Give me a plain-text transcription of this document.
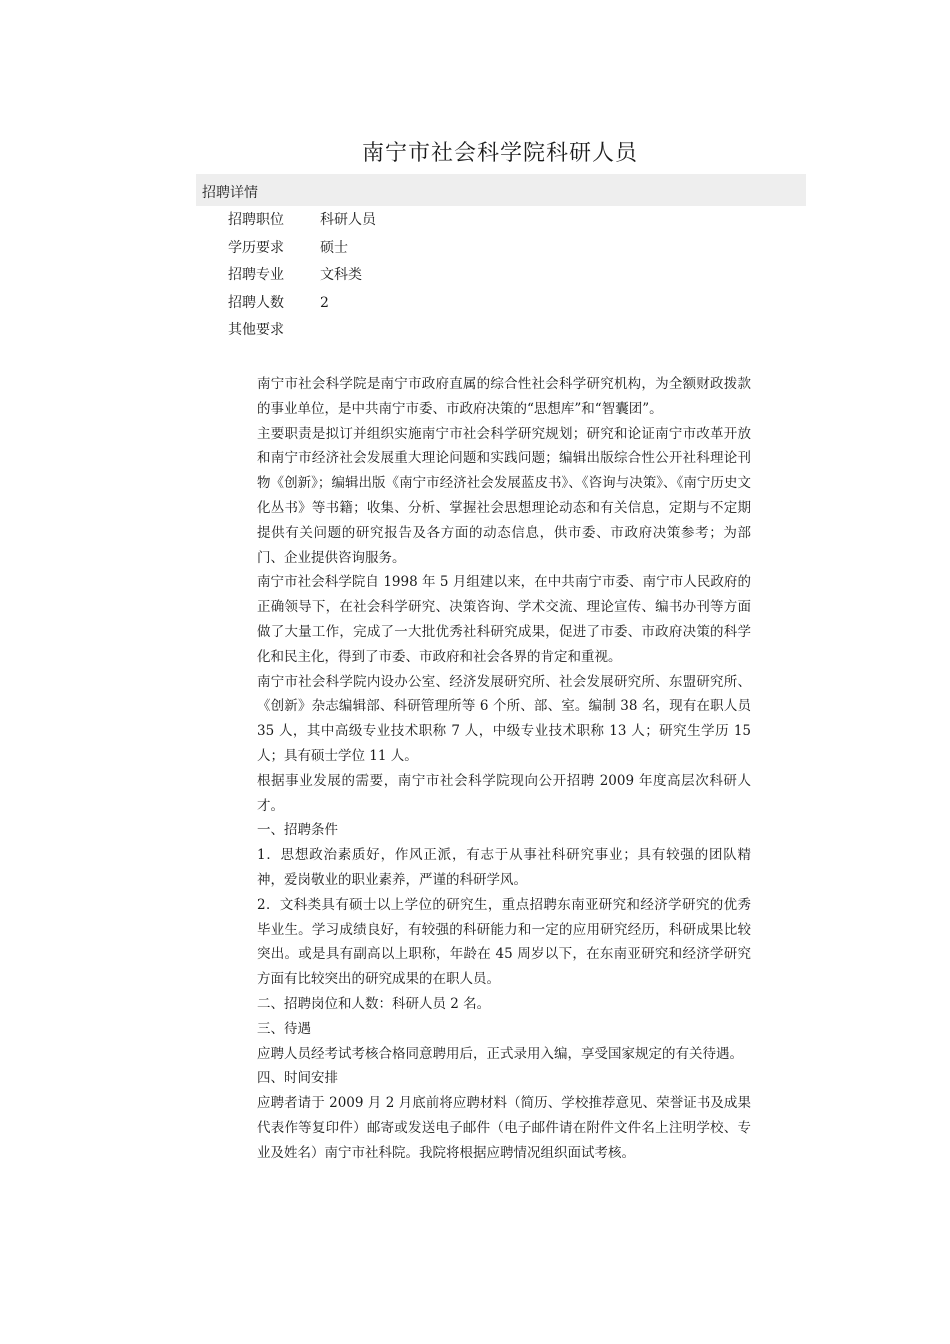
南宁市社会科学院科研人员
招聘详情
招聘职位	科研人员
学历要求	硕士
招聘专业	文科类
招聘人数	2
其他要求

南宁市社会科学院是南宁市政府直属的综合性社会科学研究机构，为全额财政拨款的事业单位，是中共南宁市委、市政府决策的“思想库”和“智囊团”。

主要职责是拟订并组织实施南宁市社会科学研究规划；研究和论证南宁市改革开放和南宁市经济社会发展重大理论问题和实践问题；编辑出版综合性公开社科理论刊物《创新》；编辑出版《南宁市经济社会发展蓝皮书》、《咨询与决策》、《南宁历史文化丛书》等书籍；收集、分析、掌握社会思想理论动态和有关信息，定期与不定期提供有关问题的研究报告及各方面的动态信息，供市委、市政府决策参考；为部门、企业提供咨询服务。

南宁市社会科学院自 1998 年 5 月组建以来，在中共南宁市委、南宁市人民政府的正确领导下，在社会科学研究、决策咨询、学术交流、理论宣传、编书办刊等方面做了大量工作，完成了一大批优秀社科研究成果，促进了市委、市政府决策的科学化和民主化，得到了市委、市政府和社会各界的肯定和重视。

南宁市社会科学院内设办公室、经济发展研究所、社会发展研究所、东盟研究所、《创新》杂志编辑部、科研管理所等 6 个所、部、室。编制 38 名，现有在职人员 35 人，其中高级专业技术职称 7 人，中级专业技术职称 13 人；研究生学历 15 人；具有硕士学位 11 人。

根据事业发展的需要，南宁市社会科学院现向公开招聘 2009 年度高层次科研人才。

一、招聘条件

1．思想政治素质好，作风正派，有志于从事社科研究事业；具有较强的团队精神，爱岗敬业的职业素养，严谨的科研学风。

2．文科类具有硕士以上学位的研究生，重点招聘东南亚研究和经济学研究的优秀毕业生。学习成绩良好，有较强的科研能力和一定的应用研究经历，科研成果比较突出。或是具有副高以上职称，年龄在 45 周岁以下，在东南亚研究和经济学研究方面有比较突出的研究成果的在职人员。

二、招聘岗位和人数：科研人员 2 名。

三、待遇

应聘人员经考试考核合格同意聘用后，正式录用入编，享受国家规定的有关待遇。

四、时间安排

应聘者请于 2009 月 2 月底前将应聘材料（简历、学校推荐意见、荣誉证书及成果代表作等复印件）邮寄或发送电子邮件（电子邮件请在附件文件名上注明学校、专业及姓名）南宁市社科院。我院将根据应聘情况组织面试考核。
